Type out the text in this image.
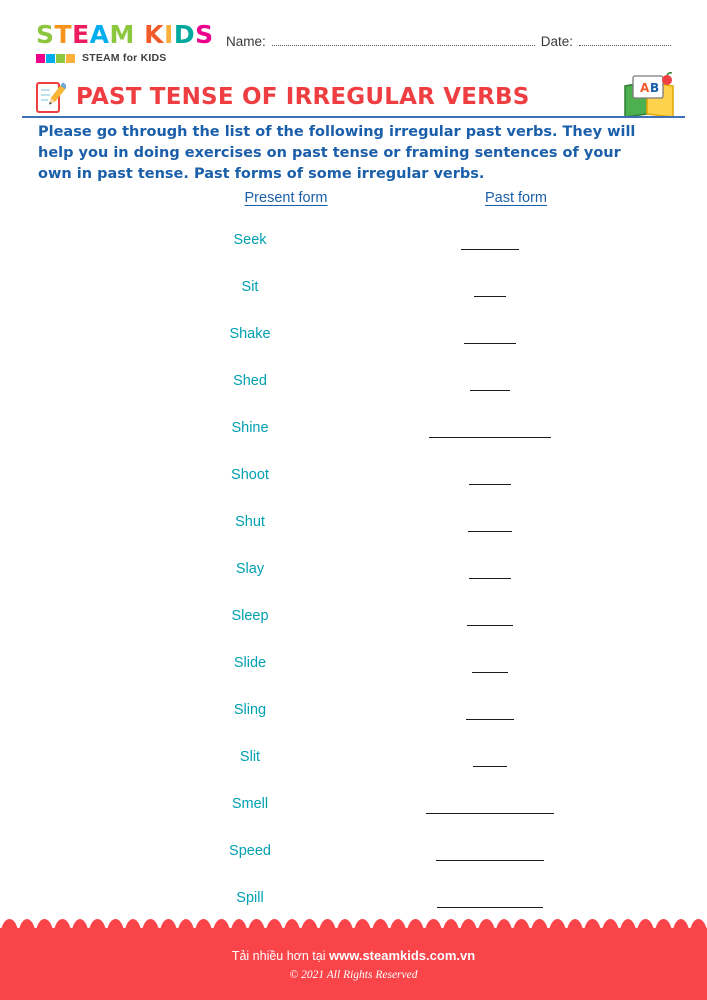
STEAM KIDS
STEAM for KIDS
Name:	Date:
PAST TENSE OF IRREGULAR VERBS	A B
Please go through the list of the following irregular past verbs. They will help you in doing exercises on past tense or framing sentences of your own in past tense. Past forms of some irregular verbs.
Present form	Past form
Seek
Sit
Shake
Shed
Shine
Shoot
Shut
Slay
Sleep
Slide
Sling
Slit
Smell
Speed
Spill
Tải nhiều hơn tại www.steamkids.com.vn
© 2021 All Rights Reserved
